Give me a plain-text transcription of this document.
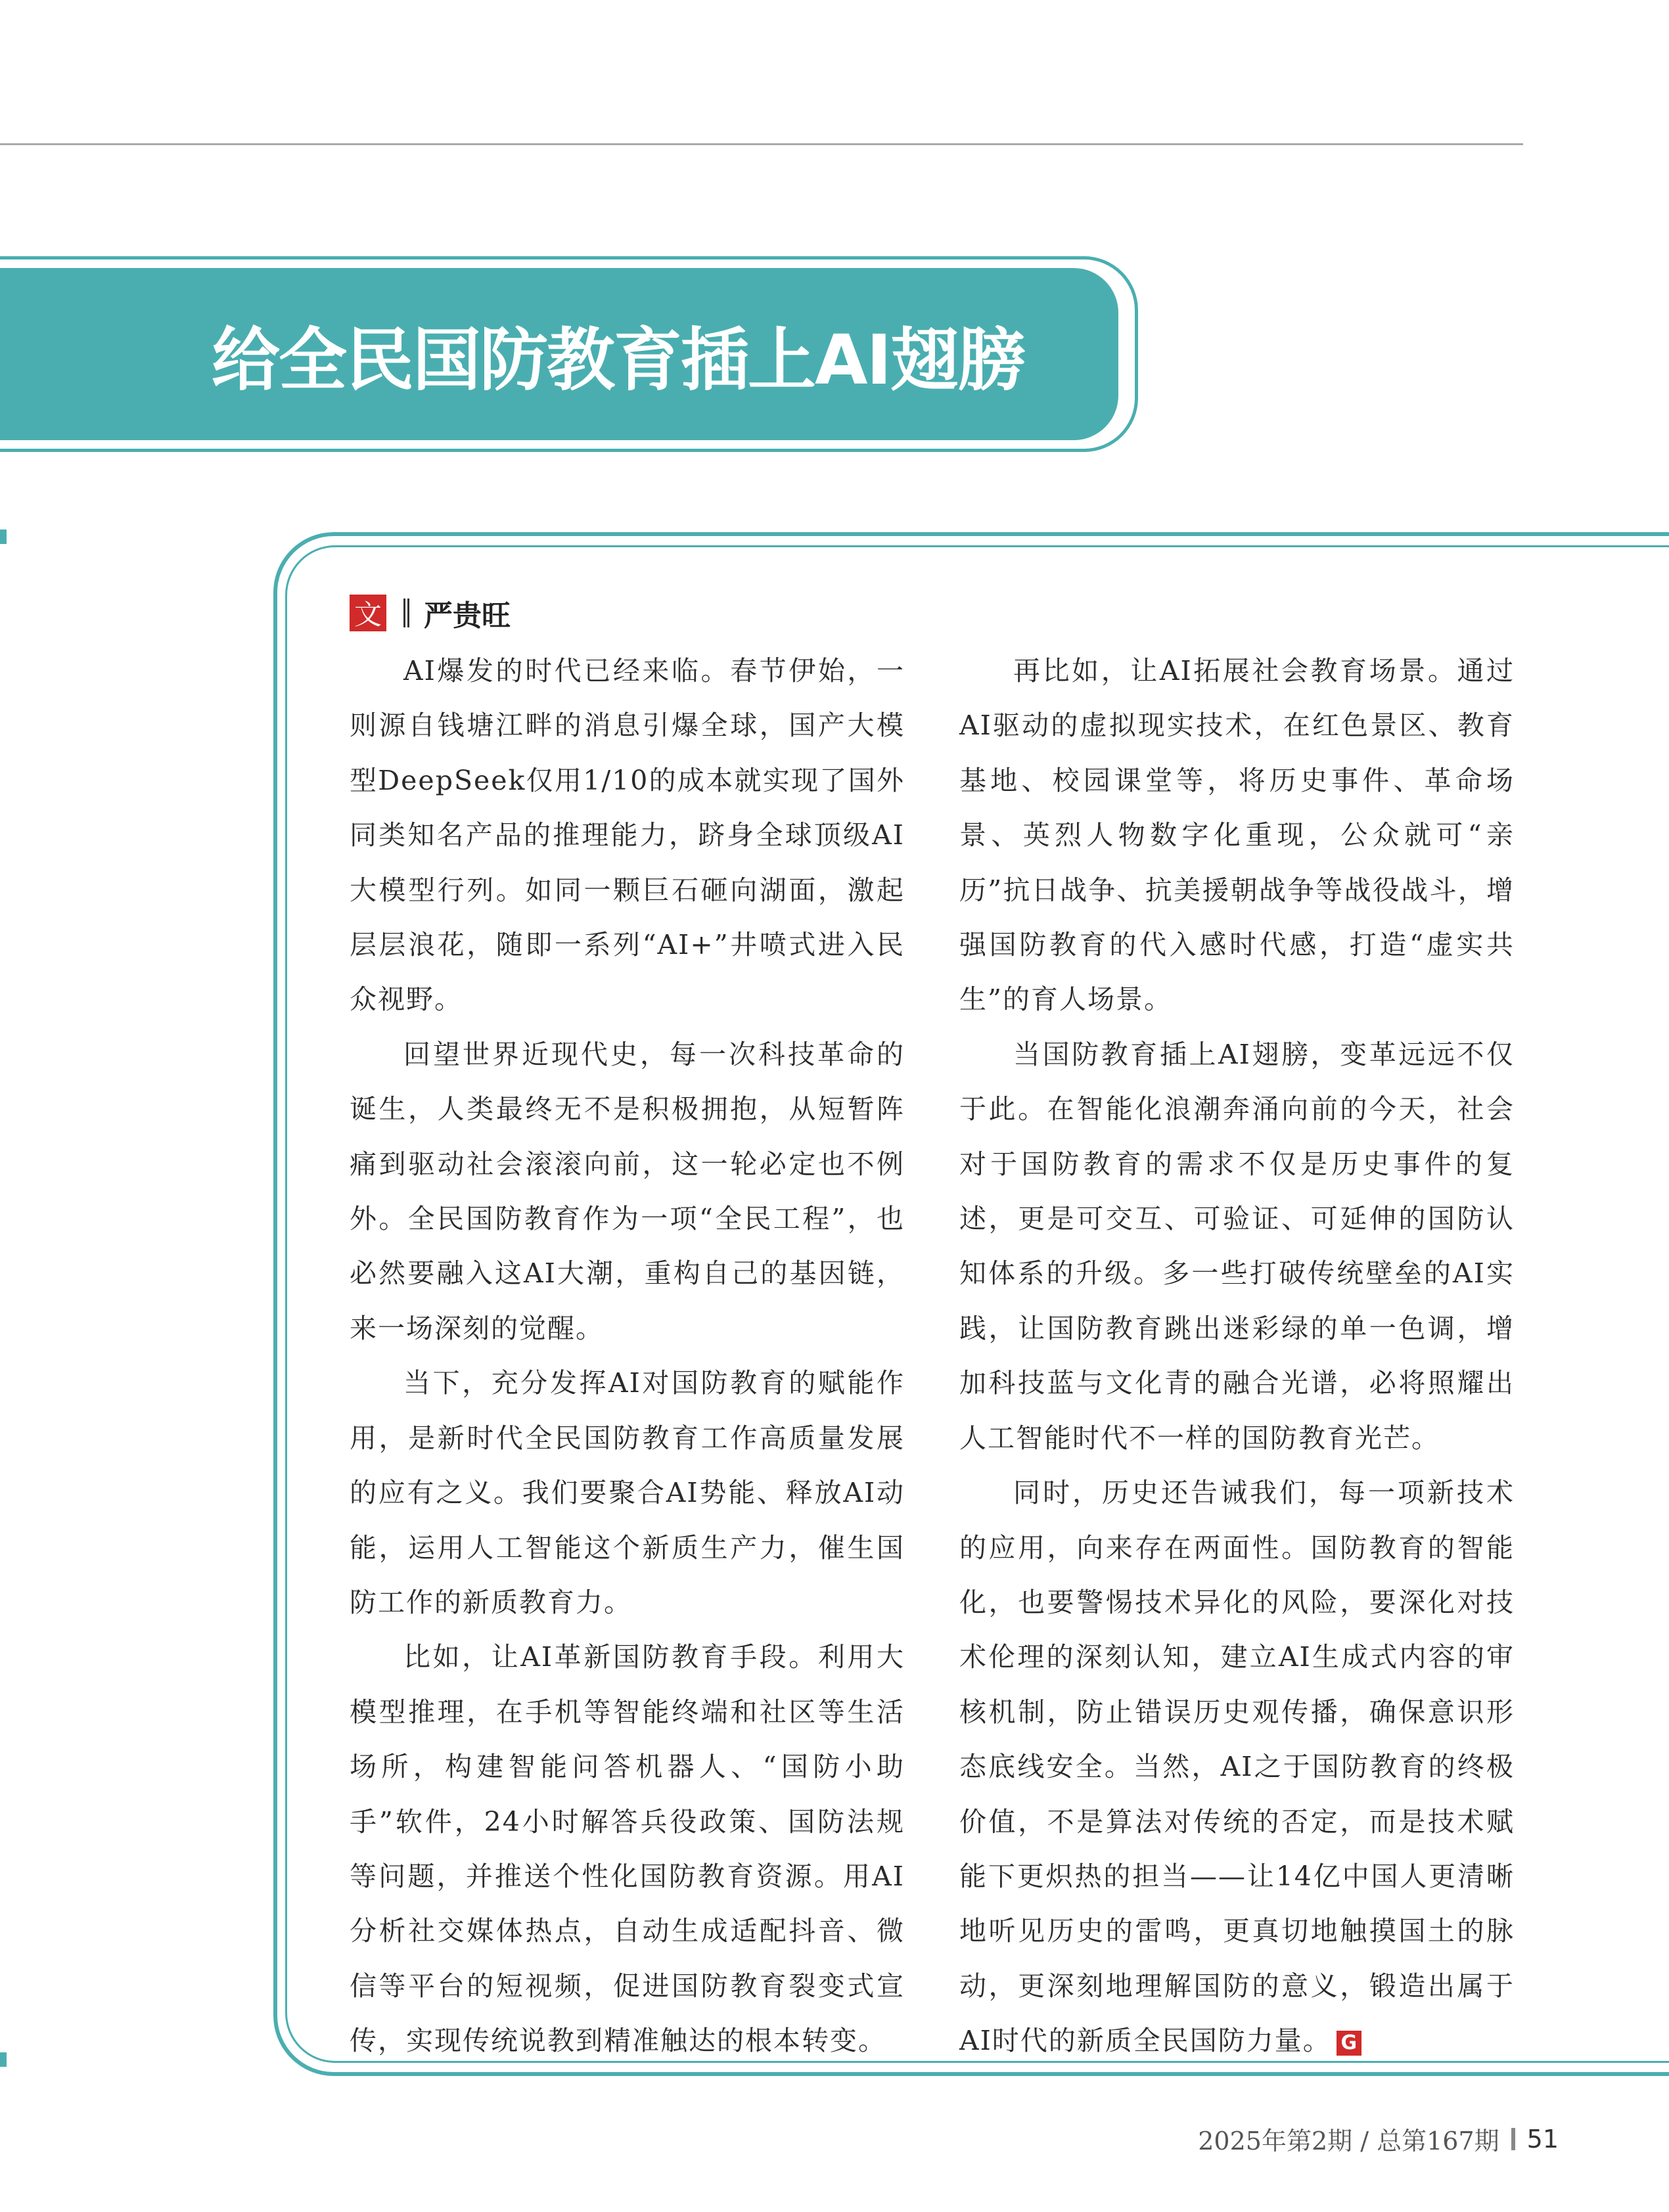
给全民国防教育插上AI翅膀
文 严贵旺

AI爆发的时代已经来临。春节伊始，一则源自钱塘江畔的消息引爆全球，国产大模型DeepSeek仅用1/10的成本就实现了国外同类知名产品的推理能力，跻身全球顶级AI大模型行列。如同一颗巨石砸向湖面，激起层层浪花，随即一系列“AI+”井喷式进入民众视野。

回望世界近现代史，每一次科技革命的诞生，人类最终无不是积极拥抱，从短暂阵痛到驱动社会滚滚向前，这一轮必定也不例外。全民国防教育作为一项“全民工程”，也必然要融入这AI大潮，重构自己的基因链，来一场深刻的觉醒。

当下，充分发挥AI对国防教育的赋能作用，是新时代全民国防教育工作高质量发展的应有之义。我们要聚合AI势能、释放AI动能，运用人工智能这个新质生产力，催生国防工作的新质教育力。

比如，让AI革新国防教育手段。利用大模型推理，在手机等智能终端和社区等生活场所，构建智能问答机器人、“国防小助手”软件，24小时解答兵役政策、国防法规等问题，并推送个性化国防教育资源。用AI分析社交媒体热点，自动生成适配抖音、微信等平台的短视频，促进国防教育裂变式宣传，实现传统说教到精准触达的根本转变。

再比如，让AI拓展社会教育场景。通过AI驱动的虚拟现实技术，在红色景区、教育基地、校园课堂等，将历史事件、革命场景、英烈人物数字化重现，公众就可“亲历”抗日战争、抗美援朝战争等战役战斗，增强国防教育的代入感时代感，打造“虚实共生”的育人场景。

当国防教育插上AI翅膀，变革远远不仅于此。在智能化浪潮奔涌向前的今天，社会对于国防教育的需求不仅是历史事件的复述，更是可交互、可验证、可延伸的国防认知体系的升级。多一些打破传统壁垒的AI实践，让国防教育跳出迷彩绿的单一色调，增加科技蓝与文化青的融合光谱，必将照耀出人工智能时代不一样的国防教育光芒。

同时，历史还告诫我们，每一项新技术的应用，向来存在两面性。国防教育的智能化，也要警惕技术异化的风险，要深化对技术伦理的深刻认知，建立AI生成式内容的审核机制，防止错误历史观传播，确保意识形态底线安全。当然，AI之于国防教育的终极价值，不是算法对传统的否定，而是技术赋能下更炽热的担当——让14亿中国人更清晰地听见历史的雷鸣，更真切地触摸国土的脉动，更深刻地理解国防的意义，锻造出属于AI时代的新质全民国防力量。 G

2025年第2期 / 总第167期 51
